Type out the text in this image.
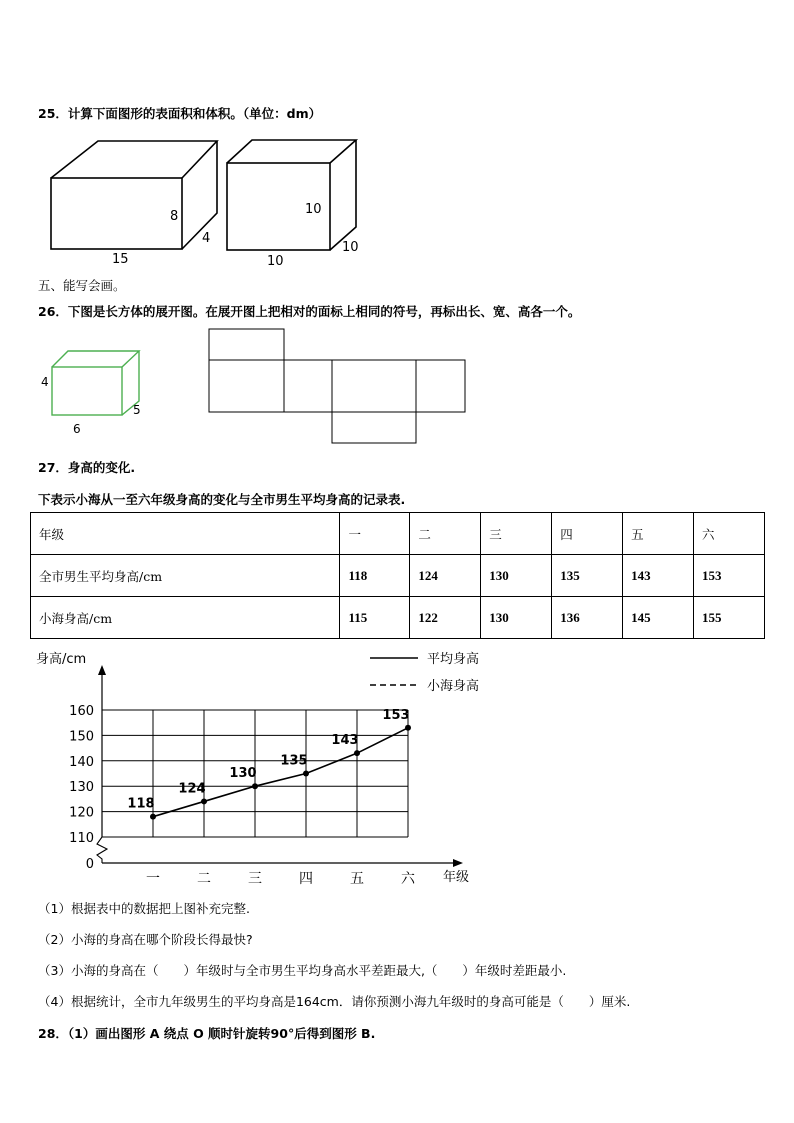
25．计算下面图形的表面积和体积。（单位：dm）
15
8
4
10
10
10
五、能写会画。
26．下图是长方体的展开图。在展开图上把相对的面标上相同的符号，再标出长、宽、高各一个。
4
6
5
27．身高的变化.
下表示小海从一至六年级身高的变化与全市男生平均身高的记录表.
年级	一	二	三	四	五	六
全市男生平均身高/cm	118	124	130	135	143	153
小海身高/cm	115	122	130	136	145	155
身高/cm
年级
平均身高
小海身高
0
110
120
130
140
150
160
一	二	三	四	五	六
118
124
130
135
143
153
（1）根据表中的数据把上图补充完整.
（2）小海的身高在哪个阶段长得最快?
（3）小海的身高在（　　）年级时与全市男生平均身高水平差距最大,（　　）年级时差距最小.
（4）根据统计，全市九年级男生的平均身高是164cm．请你预测小海九年级时的身高可能是（　　）厘米.
28．（1）画出图形 A 绕点 O 顺时针旋转90°后得到图形 B.
